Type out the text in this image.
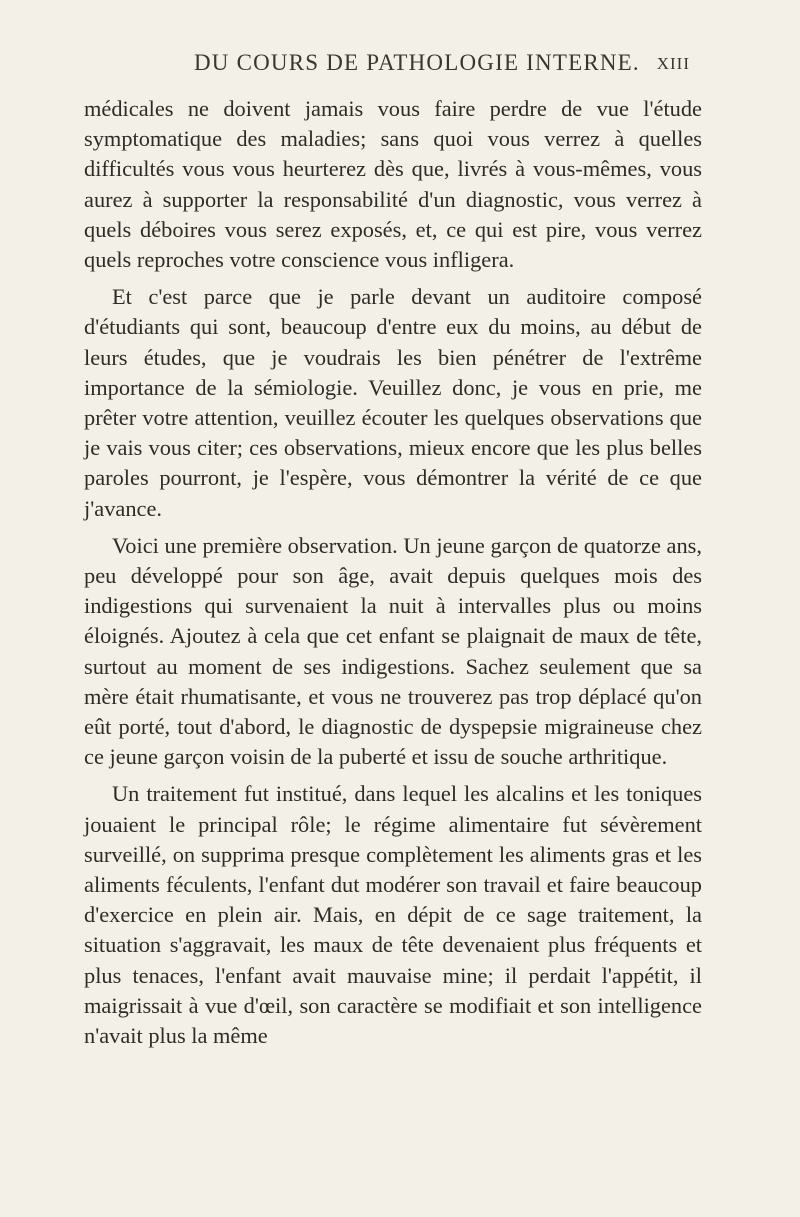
DU COURS DE PATHOLOGIE INTERNE. XIII

médicales ne doivent jamais vous faire perdre de vue l'étude symptomatique des maladies; sans quoi vous verrez à quelles difficultés vous vous heurterez dès que, livrés à vous-mêmes, vous aurez à supporter la responsabilité d'un diagnostic, vous verrez à quels déboires vous serez exposés, et, ce qui est pire, vous verrez quels reproches votre conscience vous infligera.

Et c'est parce que je parle devant un auditoire composé d'étudiants qui sont, beaucoup d'entre eux du moins, au début de leurs études, que je voudrais les bien pénétrer de l'extrême importance de la sémiologie. Veuillez donc, je vous en prie, me prêter votre attention, veuillez écouter les quelques observations que je vais vous citer; ces observations, mieux encore que les plus belles paroles pourront, je l'espère, vous démontrer la vérité de ce que j'avance.

Voici une première observation. Un jeune garçon de quatorze ans, peu développé pour son âge, avait depuis quelques mois des indigestions qui survenaient la nuit à intervalles plus ou moins éloignés. Ajoutez à cela que cet enfant se plaignait de maux de tête, surtout au moment de ses indigestions. Sachez seulement que sa mère était rhumatisante, et vous ne trouverez pas trop déplacé qu'on eût porté, tout d'abord, le diagnostic de dyspepsie migraineuse chez ce jeune garçon voisin de la puberté et issu de souche arthritique.

Un traitement fut institué, dans lequel les alcalins et les toniques jouaient le principal rôle; le régime alimentaire fut sévèrement surveillé, on supprima presque complètement les aliments gras et les aliments féculents, l'enfant dut modérer son travail et faire beaucoup d'exercice en plein air. Mais, en dépit de ce sage traitement, la situation s'aggravait, les maux de tête devenaient plus fréquents et plus tenaces, l'enfant avait mauvaise mine; il perdait l'appétit, il maigrissait à vue d'œil, son caractère se modifiait et son intelligence n'avait plus la même
